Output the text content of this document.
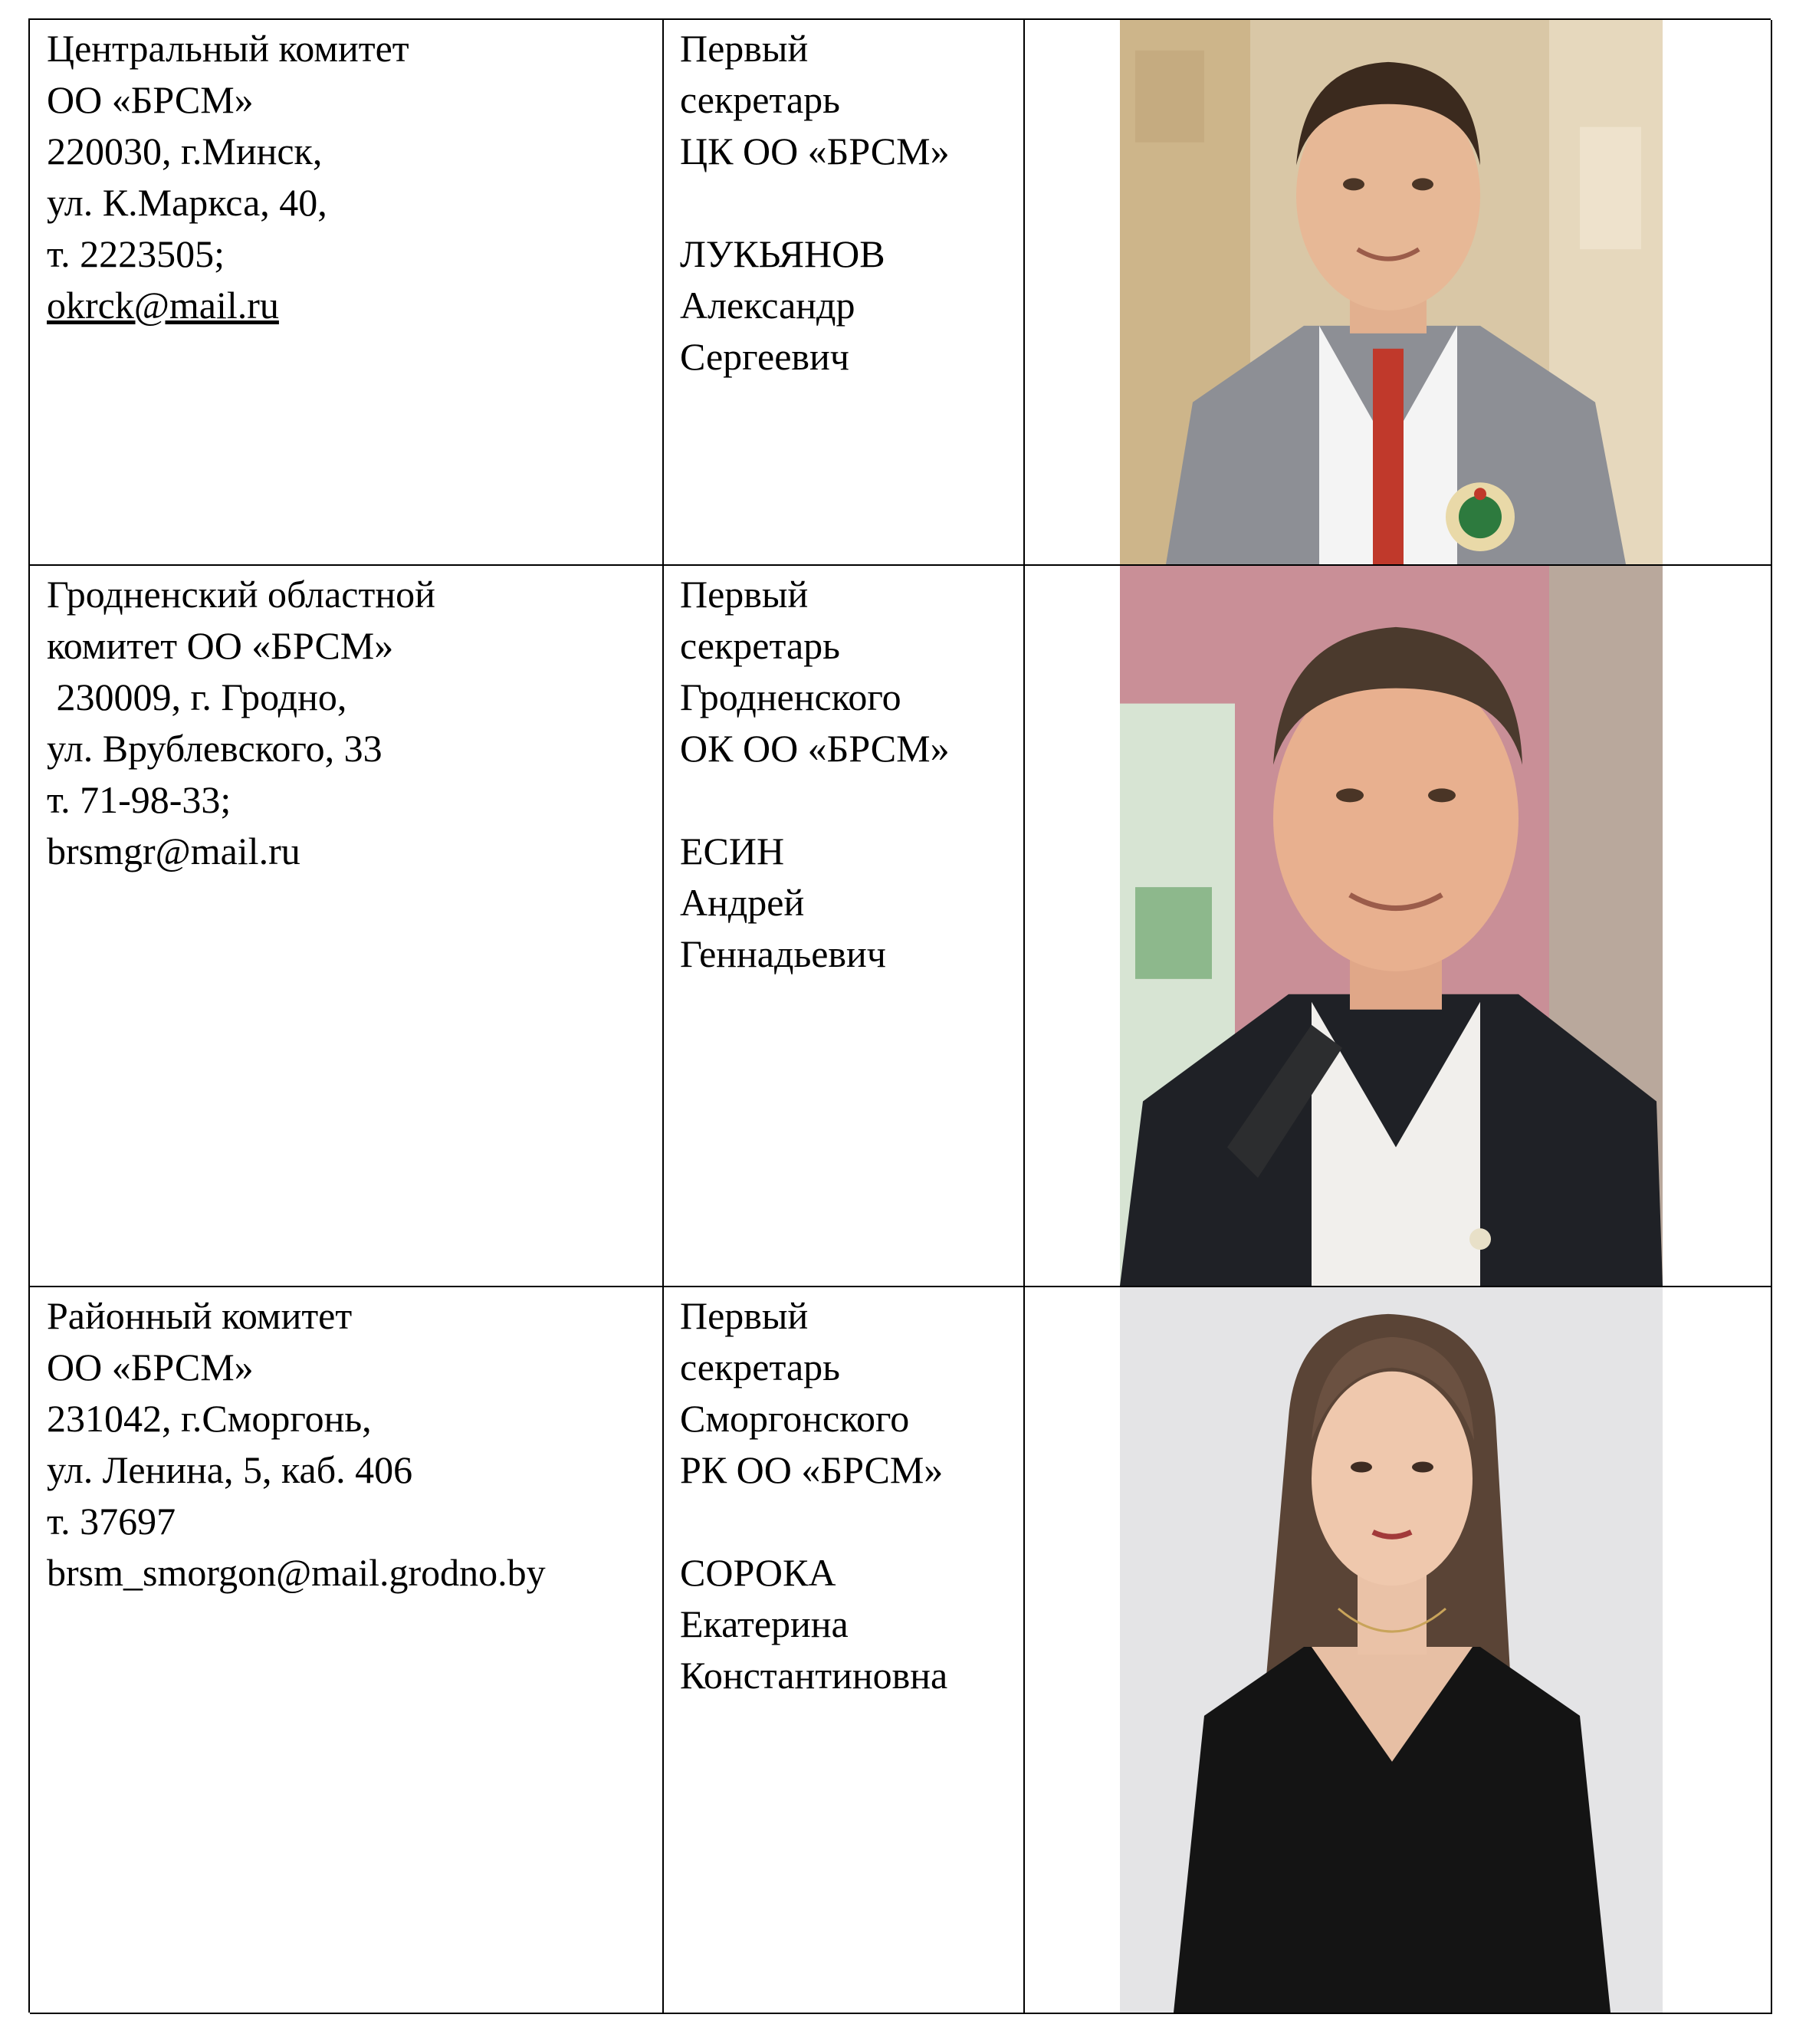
Центральный комитет
ОО «БРСМ»
220030, г.Минск,
ул. К.Маркса, 40,
т. 2223505;
okrck@mail.ru
Первый
секретарь
ЦК ОО «БРСМ»

ЛУКЬЯНОВ
Александр
Сергеевич
Гродненский областной
комитет ОО «БРСМ»
230009, г. Гродно,
ул. Врублевского, 33
т. 71-98-33;
brsmgr@mail.ru
Первый
секретарь
Гродненского
ОК ОО «БРСМ»

ЕСИН
Андрей
Геннадьевич
Районный комитет
ОО «БРСМ»
231042, г.Сморгонь,
ул. Ленина, 5, каб. 406
т. 37697
brsm_smorgon@mail.grodno.by
Первый
секретарь
Сморгонского
РК ОО «БРСМ»

СОРОКА
Екатерина
Константиновна
